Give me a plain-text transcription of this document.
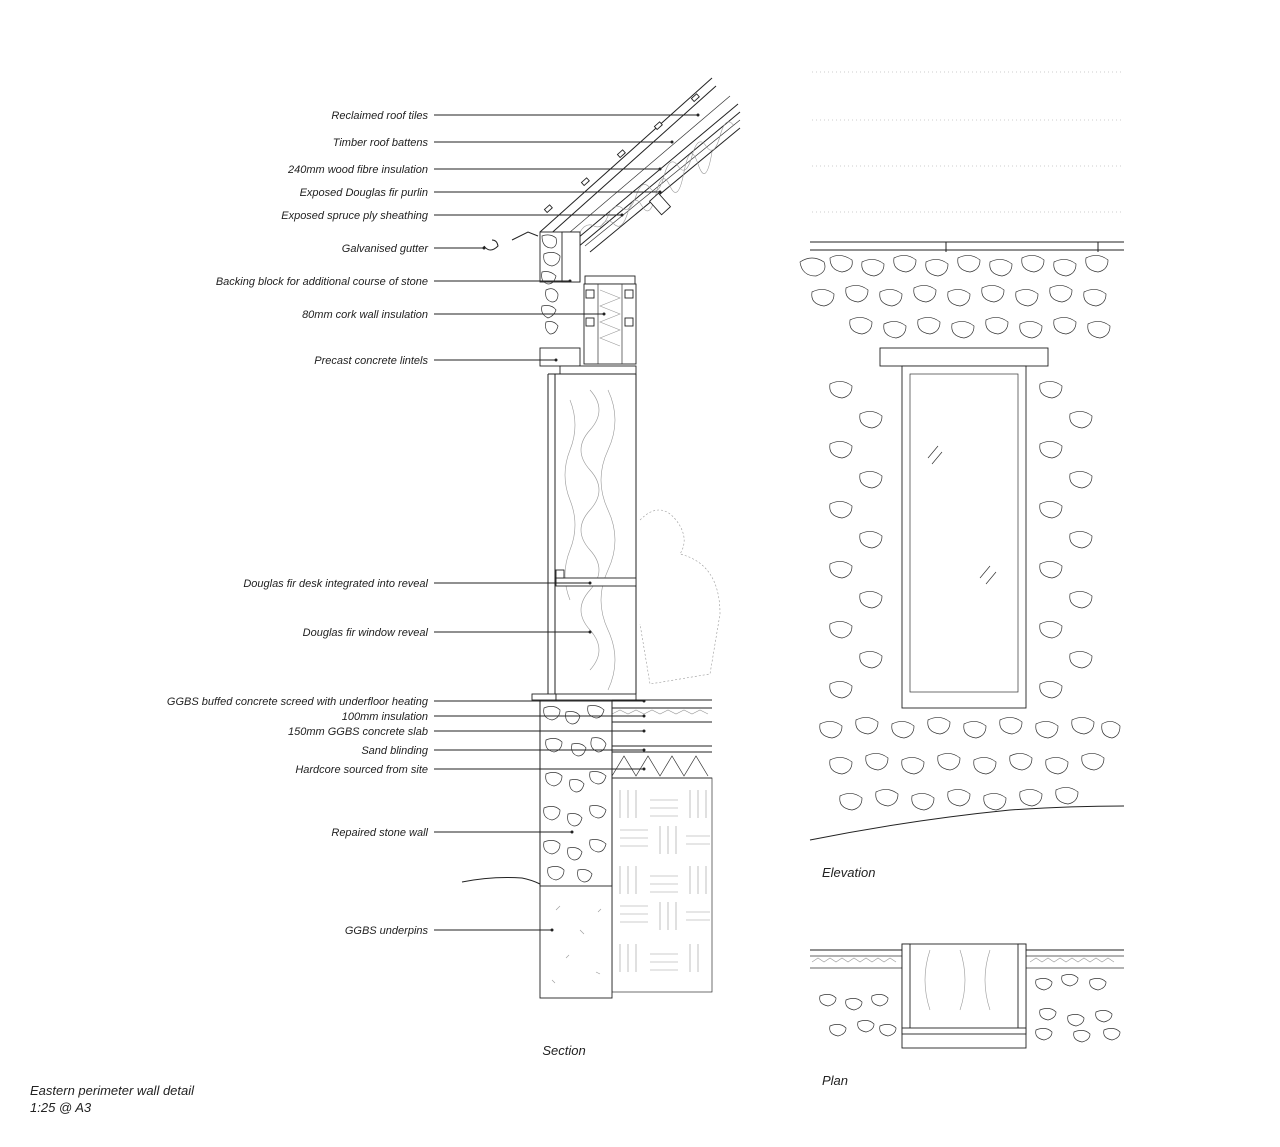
Reclaimed roof tiles
Timber roof battens
240mm wood fibre insulation
Exposed Douglas fir purlin
Exposed spruce ply sheathing
Galvanised gutter
Backing block for additional course of stone
80mm cork wall insulation
Precast concrete lintels
Douglas fir desk integrated into reveal
Douglas fir window reveal
GGBS buffed concrete screed with underfloor heating
100mm insulation
150mm GGBS concrete slab
Sand blinding
Hardcore sourced from site
Repaired stone wall
GGBS underpins
Section
Elevation
Plan
Eastern perimeter wall detail
1:25 @ A3
